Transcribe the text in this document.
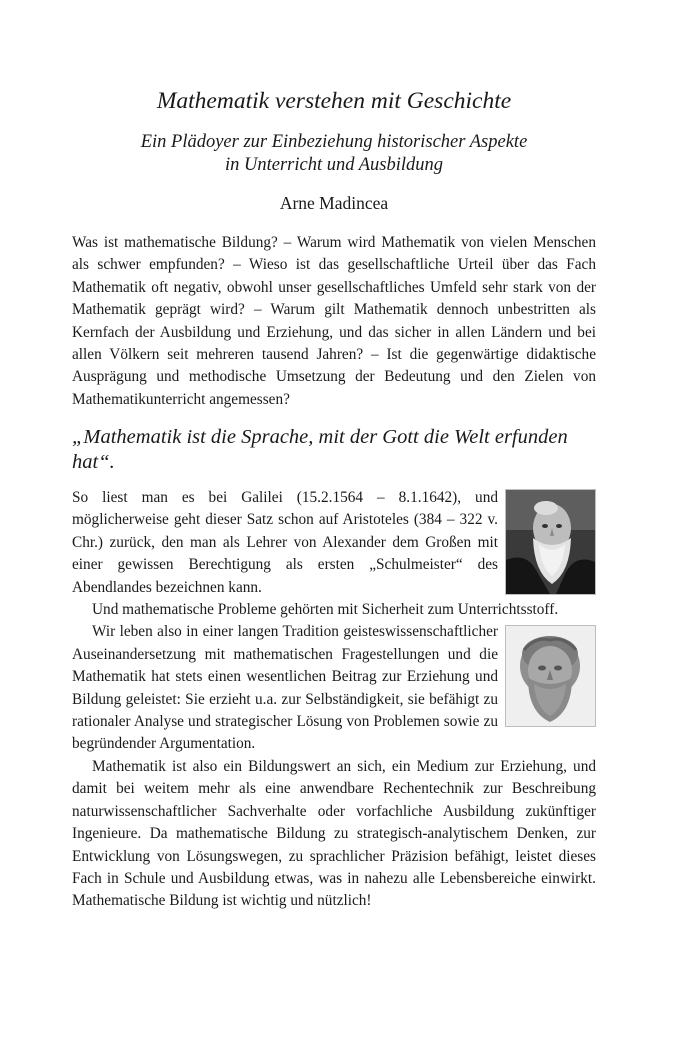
Mathematik verstehen mit Geschichte
Ein Plädoyer zur Einbeziehung historischer Aspekte
in Unterricht und Ausbildung
Arne Madincea

Was ist mathematische Bildung? – Warum wird Mathematik von vielen Menschen als schwer empfunden? – Wieso ist das gesellschaftliche Urteil über das Fach Mathematik oft negativ, obwohl unser gesellschaftliches Umfeld sehr stark von der Mathematik geprägt wird? – Warum gilt Mathematik dennoch unbestritten als Kernfach der Ausbildung und Erziehung, und das sicher in allen Ländern und bei allen Völkern seit mehreren tausend Jahren? – Ist die gegenwärtige didaktische Ausprägung und methodische Umsetzung der Bedeutung und den Zielen von Mathematikunterricht angemessen?

„Mathematik ist die Sprache, mit der Gott die Welt erfunden hat“.

So liest man es bei Galilei (15.2.1564 – 8.1.1642), und möglicherweise geht dieser Satz schon auf Aristoteles (384 – 322 v. Chr.) zurück, den man als Lehrer von Alexander dem Großen mit einer gewissen Berechtigung als ersten „Schulmeister“ des Abendlandes bezeichnen kann.

Und mathematische Probleme gehörten mit Sicherheit zum Unterrichtsstoff.

Wir leben also in einer langen Tradition geisteswissenschaftlicher Auseinandersetzung mit mathematischen Fragestellungen und die Mathematik hat stets einen wesentlichen Beitrag zur Erziehung und Bildung geleistet: Sie erzieht u.a. zur Selbständigkeit, sie befähigt zu rationaler Analyse und strategischer Lösung von Problemen sowie zu begründender Argumentation.

Mathematik ist also ein Bildungswert an sich, ein Medium zur Erziehung, und damit bei weitem mehr als eine anwendbare Rechentechnik zur Beschreibung naturwissenschaftlicher Sachverhalte oder vorfachliche Ausbildung zukünftiger Ingenieure. Da mathematische Bildung zu strategisch-analytischem Denken, zur Entwicklung von Lösungswegen, zu sprachlicher Präzision befähigt, leistet dieses Fach in Schule und Ausbildung etwas, was in nahezu alle Lebensbereiche einwirkt. Mathematische Bildung ist wichtig und nützlich!
